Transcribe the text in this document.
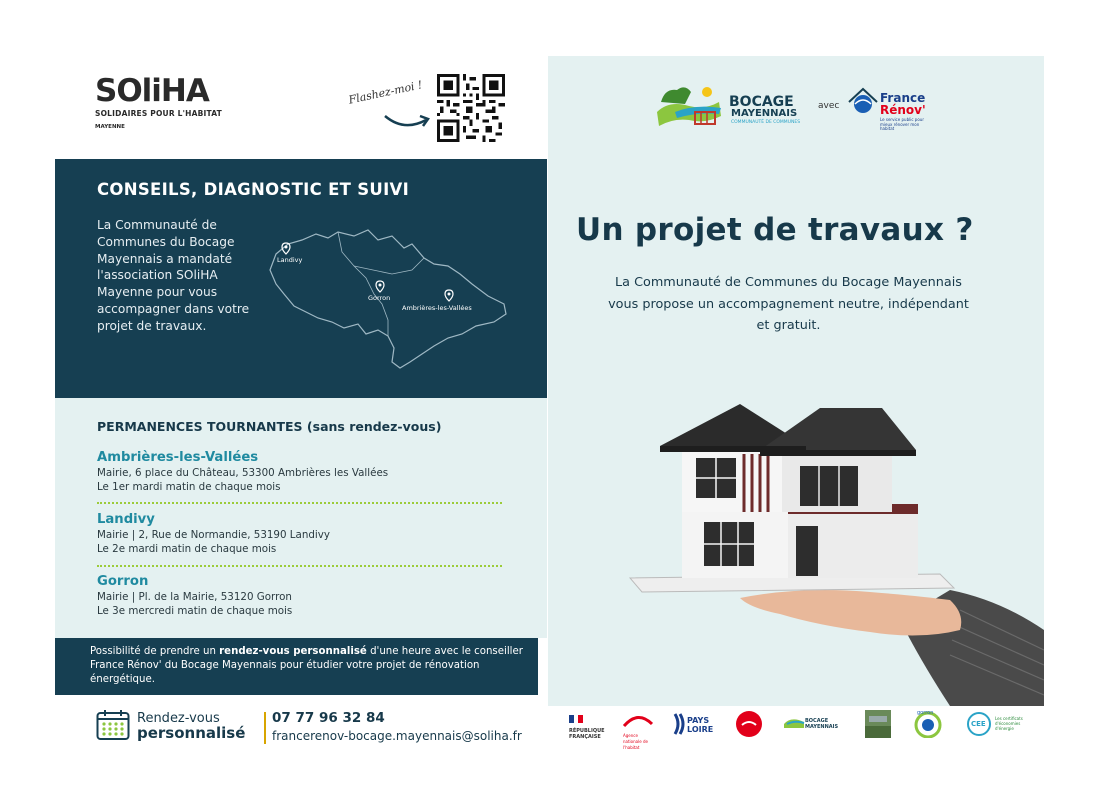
SOliHA
SOLIDAIRES POUR L'HABITAT
MAYENNE
Flashez-moi !
CONSEILS, DIAGNOSTIC ET SUIVI
La Communauté de Communes du Bocage Mayennais a mandaté l'association SOliHA Mayenne pour vous accompagner dans votre projet de travaux.
Landivy
Gorron
Ambrières-les-Vallées
PERMANENCES TOURNANTES (sans rendez-vous)
Ambrières-les-Vallées
Mairie, 6 place du Château, 53300 Ambrières les Vallées
Le 1er mardi matin de chaque mois
Landivy
Mairie | 2, Rue de Normandie, 53190 Landivy
Le 2e mardi matin de chaque mois
Gorron
Mairie | Pl. de la Mairie, 53120 Gorron
Le 3e mercredi matin de chaque mois
Possibilité de prendre un rendez-vous personnalisé d'une heure avec le conseiller France Rénov' du Bocage Mayennais pour étudier votre projet de rénovation énergétique.
Rendez-vous
personnalisé
07 77 96 32 84
francerenov-bocage.mayennais@soliha.fr
BOCAGE
MAYENNAIS
COMMUNAUTÉ DE COMMUNES
avec
France
Rénov'
Le service public pour mieux rénover mon habitat
Un projet de travaux ?
La Communauté de Communes du Bocage Mayennais vous propose un accompagnement neutre, indépendant et gratuit.
RÉPUBLIQUE FRANÇAISE	Agence nationale de l'habitat
PAYS
LOIRE
BOCAGE MAYENNAIS
gorron
CEE
Les certificats d'économies d'énergie
